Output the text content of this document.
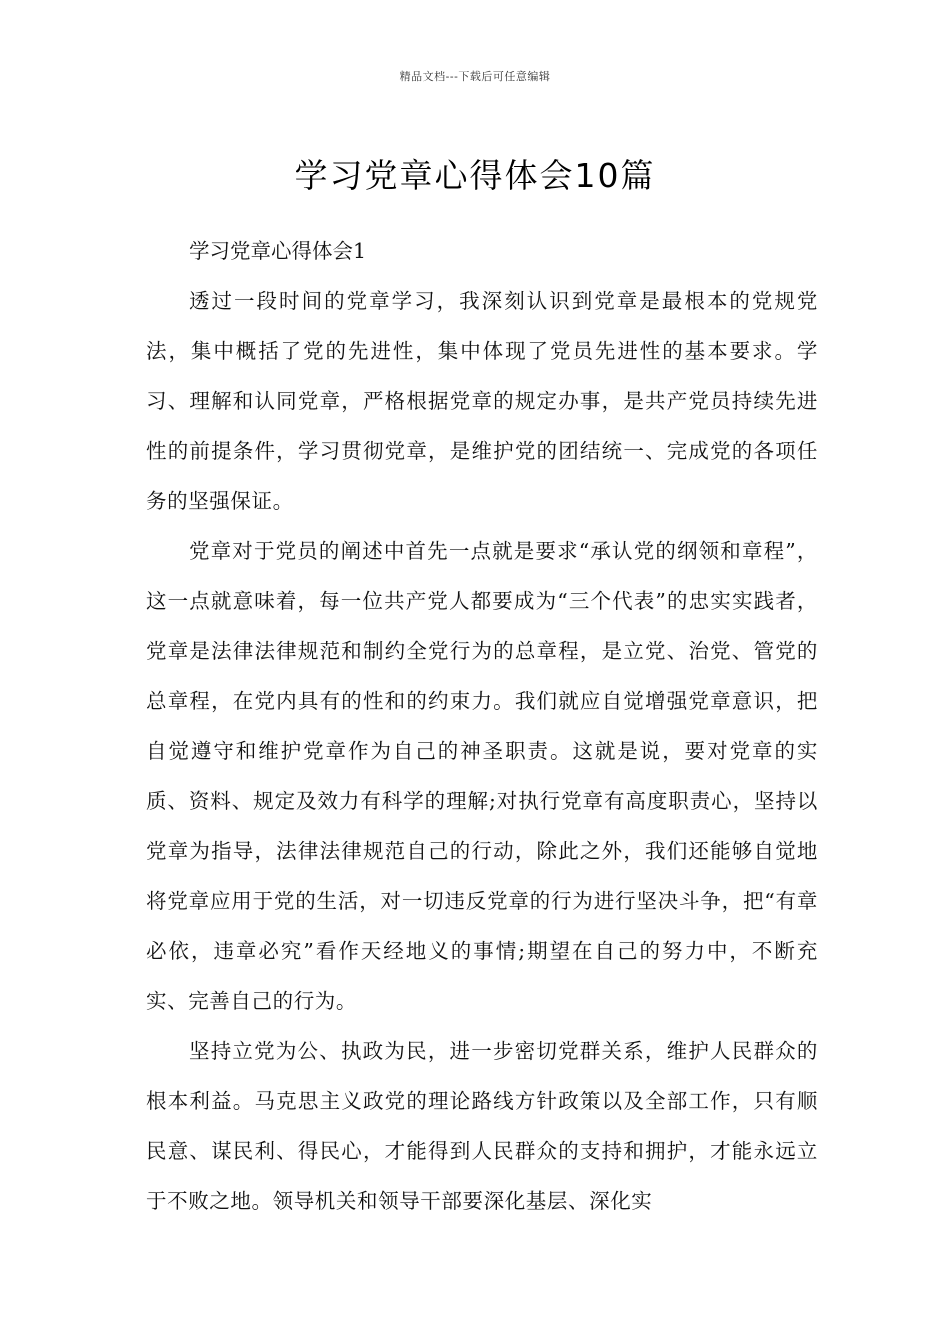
精品文档---下载后可任意编辑
学习党章心得体会10篇

学习党章心得体会1

透过一段时间的党章学习，我深刻认识到党章是最根本的党规党法，集中概括了党的先进性，集中体现了党员先进性的基本要求。学习、理解和认同党章，严格根据党章的规定办事，是共产党员持续先进性的前提条件，学习贯彻党章，是维护党的团结统一、完成党的各项任务的坚强保证。

党章对于党员的阐述中首先一点就是要求“承认党的纲领和章程”，这一点就意味着，每一位共产党人都要成为“三个代表”的忠实实践者，党章是法律法律规范和制约全党行为的总章程，是立党、治党、管党的总章程，在党内具有的性和的约束力。我们就应自觉增强党章意识，把自觉遵守和维护党章作为自己的神圣职责。这就是说，要对党章的实质、资料、规定及效力有科学的理解;对执行党章有高度职责心，坚持以党章为指导，法律法律规范自己的行动，除此之外，我们还能够自觉地将党章应用于党的生活，对一切违反党章的行为进行坚决斗争，把“有章必依，违章必究”看作天经地义的事情;期望在自己的努力中，不断充实、完善自己的行为。

坚持立党为公、执政为民，进一步密切党群关系，维护人民群众的根本利益。马克思主义政党的理论路线方针政策以及全部工作，只有顺民意、谋民利、得民心，才能得到人民群众的支持和拥护，才能永远立于不败之地。领导机关和领导干部要深化基层、深化实
